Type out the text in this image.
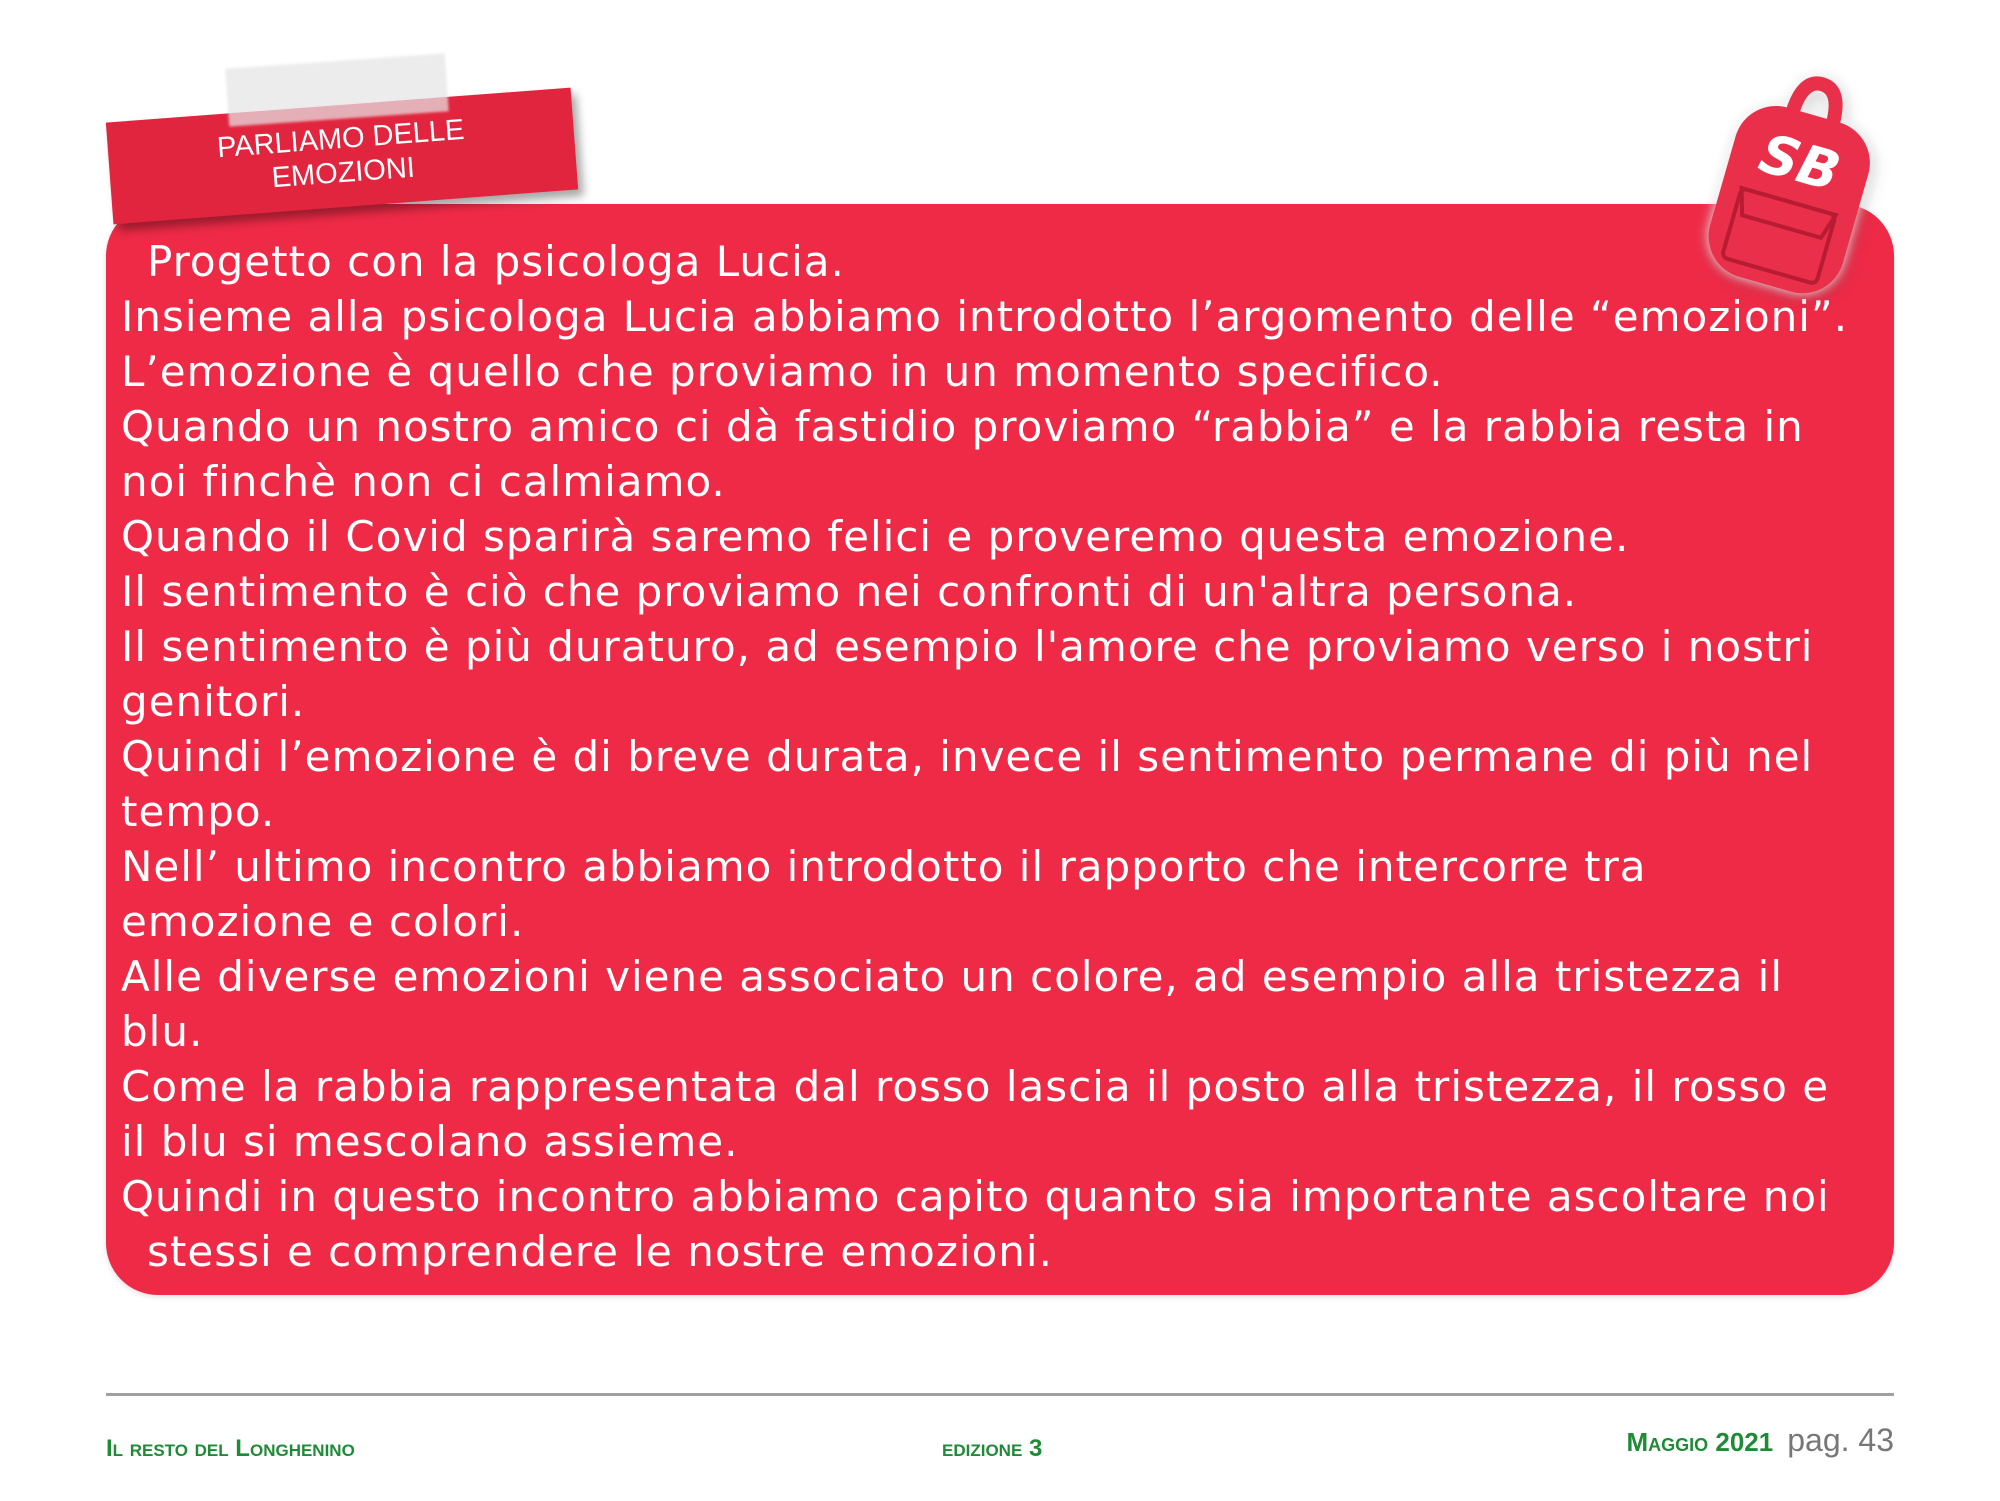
Progetto con la psicologa Lucia.
Insieme alla psicologa Lucia abbiamo introdotto l’argomento delle “emozioni”.
L’emozione è quello che proviamo in un momento specifico.
Quando un nostro amico ci dà fastidio proviamo “rabbia” e la rabbia resta in
noi finchè non ci calmiamo.
Quando il Covid sparirà saremo felici e proveremo questa emozione.
Il sentimento è ciò che proviamo nei confronti di un'altra persona.
Il sentimento è più duraturo, ad esempio l'amore che proviamo verso i nostri
genitori.
Quindi l’emozione è di breve durata, invece il sentimento permane di più nel
tempo.
Nell’ ultimo incontro abbiamo introdotto il rapporto che intercorre tra
emozione e colori.
Alle diverse emozioni viene associato un colore, ad esempio alla tristezza il
blu.
Come la rabbia rappresentata dal rosso lascia il posto alla tristezza, il rosso e
il blu si mescolano assieme.
Quindi in questo incontro abbiamo capito quanto sia importante ascoltare noi
stessi e comprendere le nostre emozioni.
PARLIAMO DELLE
EMOZIONI	SB
Il resto del Longhenino	edizione 3	Maggio 2021 pag. 43
